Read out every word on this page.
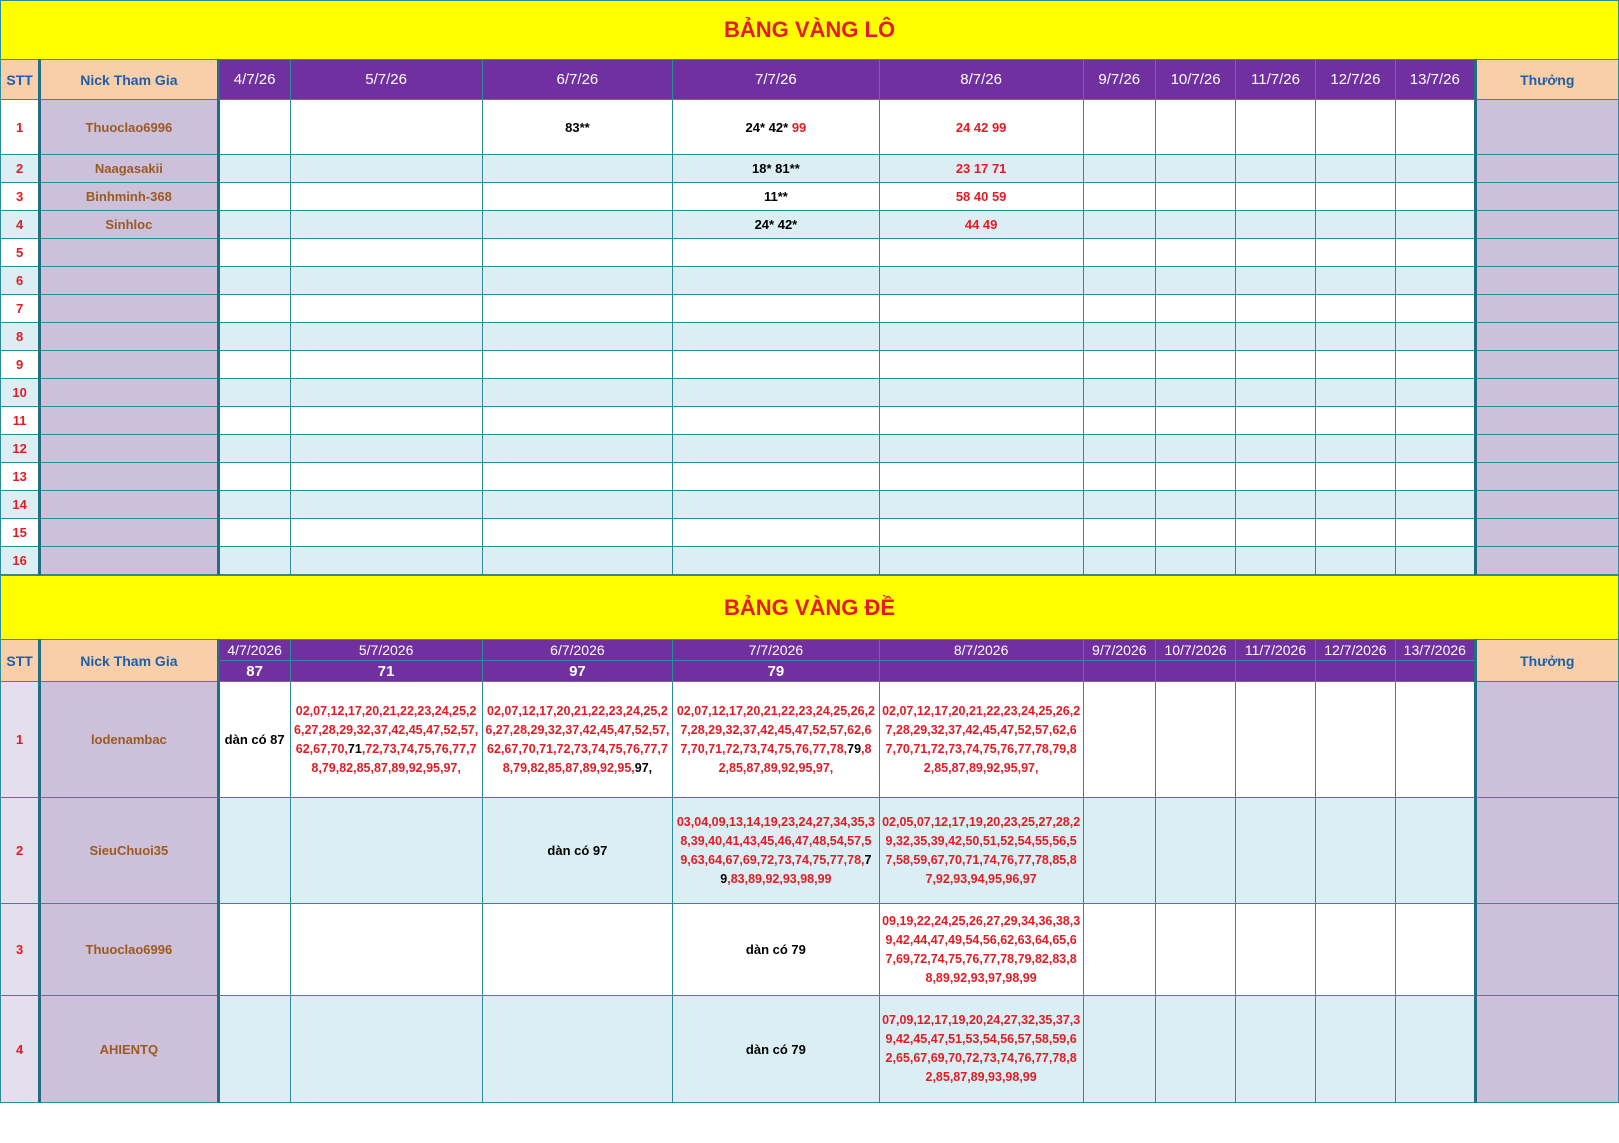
BẢNG VÀNG LÔ												
STT	Nick Tham Gia	4/7/26	5/7/26	6/7/26	7/7/26	8/7/26	9/7/26	10/7/26	11/7/26	12/7/26	13/7/26	Thưởng
1	Thuoclao6996			83**	24* 42* 99	24 42 99						
2	Naagasakii				18* 81**	23 17 71						
3	Binhminh-368				11**	58 40 59						
4	Sinhloc				24* 42*	44 49						
5												
6												
7												
8												
9												
10												
11												
12												
13												
14												
15												
16												
BẢNG VÀNG ĐỀ												
STT	Nick Tham Gia	4/7/2026	5/7/2026	6/7/2026	7/7/2026	8/7/2026	9/7/2026	10/7/2026	11/7/2026	12/7/2026	13/7/2026	Thưởng
		87	71	97	79							
1	lodenambac	dàn có 87	02,07,12,17,20,21,22,23,24,25,26,27,28,29,32,37,42,45,47,52,57,62,67,70,71,72,73,74,75,76,77,78,79,82,85,87,89,92,95,97,	02,07,12,17,20,21,22,23,24,25,26,27,28,29,32,37,42,45,47,52,57,62,67,70,71,72,73,74,75,76,77,78,79,82,85,87,89,92,95,97,	02,07,12,17,20,21,22,23,24,25,26,27,28,29,32,37,42,45,47,52,57,62,67,70,71,72,73,74,75,76,77,78,79,82,85,87,89,92,95,97,	02,07,12,17,20,21,22,23,24,25,26,27,28,29,32,37,42,45,47,52,57,62,67,70,71,72,73,74,75,76,77,78,79,82,85,87,89,92,95,97,						
2	SieuChuoi35			dàn có 97	03,04,09,13,14,19,23,24,27,34,35,38,39,40,41,43,45,46,47,48,54,57,59,63,64,67,69,72,73,74,75,77,78,79,83,89,92,93,98,99	02,05,07,12,17,19,20,23,25,27,28,29,32,35,39,42,50,51,52,54,55,56,57,58,59,67,70,71,74,76,77,78,85,87,92,93,94,95,96,97						
3	Thuoclao6996				dàn có 79	09,19,22,24,25,26,27,29,34,36,38,39,42,44,47,49,54,56,62,63,64,65,67,69,72,74,75,76,77,78,79,82,83,88,89,92,93,97,98,99						
4	AHIENTQ				dàn có 79	07,09,12,17,19,20,24,27,32,35,37,39,42,45,47,51,53,54,56,57,58,59,62,65,67,69,70,72,73,74,76,77,78,82,85,87,89,93,98,99						
